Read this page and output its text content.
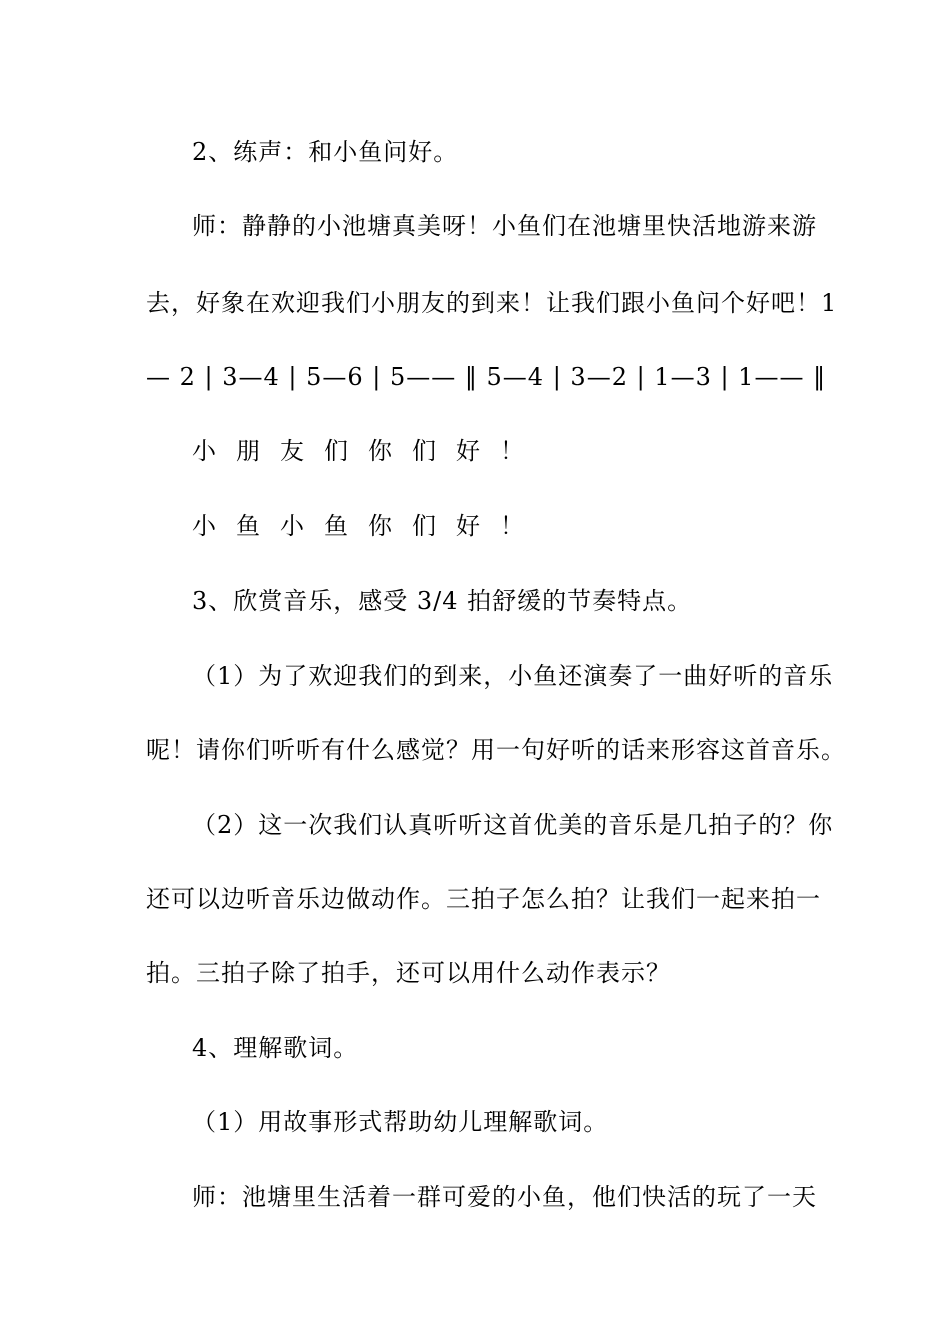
2、练声：和小鱼问好。
师：静静的小池塘真美呀！小鱼们在池塘里快活地游来游
去，好象在欢迎我们小朋友的到来！让我们跟小鱼问个好吧！1
— 2 | 3—4 | 5—6 | 5—— ‖ 5—4 | 3—2 | 1—3 | 1—— ‖
小朋友们你们好！
小鱼小鱼你们好！
3、欣赏音乐，感受 3/4 拍舒缓的节奏特点。
（1）为了欢迎我们的到来，小鱼还演奏了一曲好听的音乐
呢！请你们听听有什么感觉？用一句好听的话来形容这首音乐。
（2）这一次我们认真听听这首优美的音乐是几拍子的？你
还可以边听音乐边做动作。三拍子怎么拍？让我们一起来拍一
拍。三拍子除了拍手，还可以用什么动作表示？
4、理解歌词。
（1）用故事形式帮助幼儿理解歌词。
师：池塘里生活着一群可爱的小鱼，他们快活的玩了一天
